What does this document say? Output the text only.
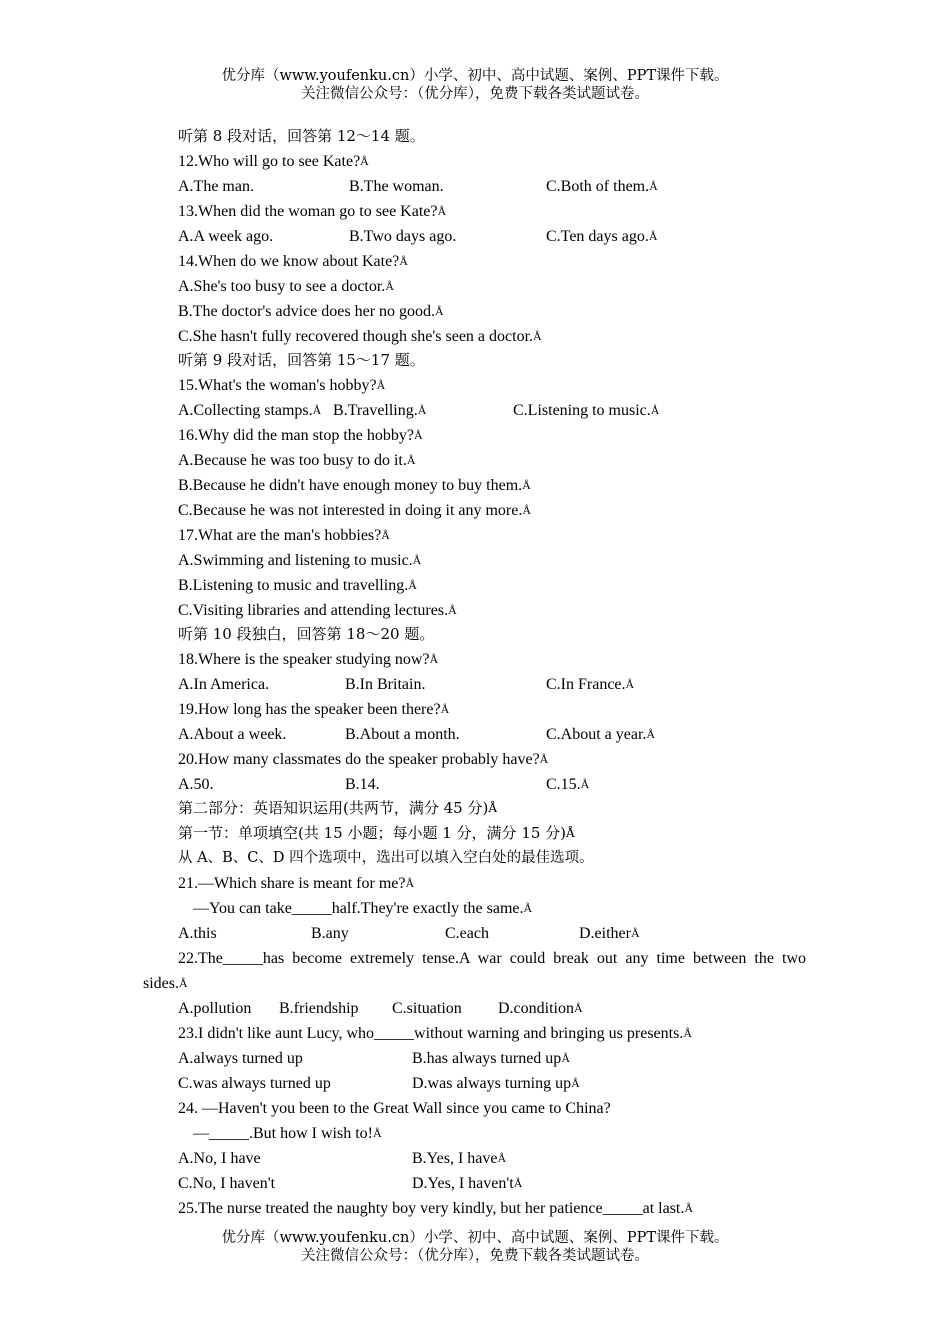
优分库（www.youfenku.cn）小学、初中、高中试题、案例、PPT课件下载。
关注微信公众号：（优分库），免费下载各类试题试卷。
听第 8 段对话，回答第 12～14 题。
12.Who will go to see Kate?Å
A.The man.	B.The woman.	C.Both of them.Å
13.When did the woman go to see Kate?Å
A.A week ago.	B.Two days ago.	C.Ten days ago.Å
14.When do we know about Kate?Å
A.She's too busy to see a doctor.Å
B.The doctor's advice does her no good.Å
C.She hasn't fully recovered though she's seen a doctor.Å
听第 9 段对话，回答第 15～17 题。
15.What's the woman's hobby?Å
A.Collecting stamps.Å B.Travelling.Å	C.Listening to music.Å
16.Why did the man stop the hobby?Å
A.Because he was too busy to do it.Å
B.Because he didn't have enough money to buy them.Å
C.Because he was not interested in doing it any more.Å
17.What are the man's hobbies?Å
A.Swimming and listening to music.Å
B.Listening to music and travelling.Å
C.Visiting libraries and attending lectures.Å
听第 10 段独白，回答第 18～20 题。
18.Where is the speaker studying now?Å
A.In America.	B.In Britain.	C.In France.Å
19.How long has the speaker been there?Å
A.About a week.	B.About a month.	C.About a year.Å
20.How many classmates do the speaker probably have?Å
A.50.	B.14.	C.15.Å
第二部分：英语知识运用(共两节，满分 45 分)Å
第一节：单项填空(共 15 小题；每小题 1 分，满分 15 分)Å
从 A、B、C、D 四个选项中，选出可以填入空白处的最佳选项。
21.—Which share is meant for me?Å
—You can take_____half.They're exactly the same.Å
A.this	B.any	C.each	D.eitherÅ
22.The_____has become extremely tense.A war could break out any time between the two
sides.Å
A.pollution B.friendship C.situation D.conditionÅ
23.I didn't like aunt Lucy, who_____without warning and bringing us presents.Å
A.always turned up	B.has always turned upÅ
C.was always turned up	D.was always turning upÅ
24. —Haven't you been to the Great Wall since you came to China?
—_____.But how I wish to!Å
A.No, I have	B.Yes, I haveÅ
C.No, I haven't	D.Yes, I haven'tÅ
25.The nurse treated the naughty boy very kindly, but her patience_____at last.Å
优分库（www.youfenku.cn）小学、初中、高中试题、案例、PPT课件下载。
关注微信公众号：（优分库），免费下载各类试题试卷。
